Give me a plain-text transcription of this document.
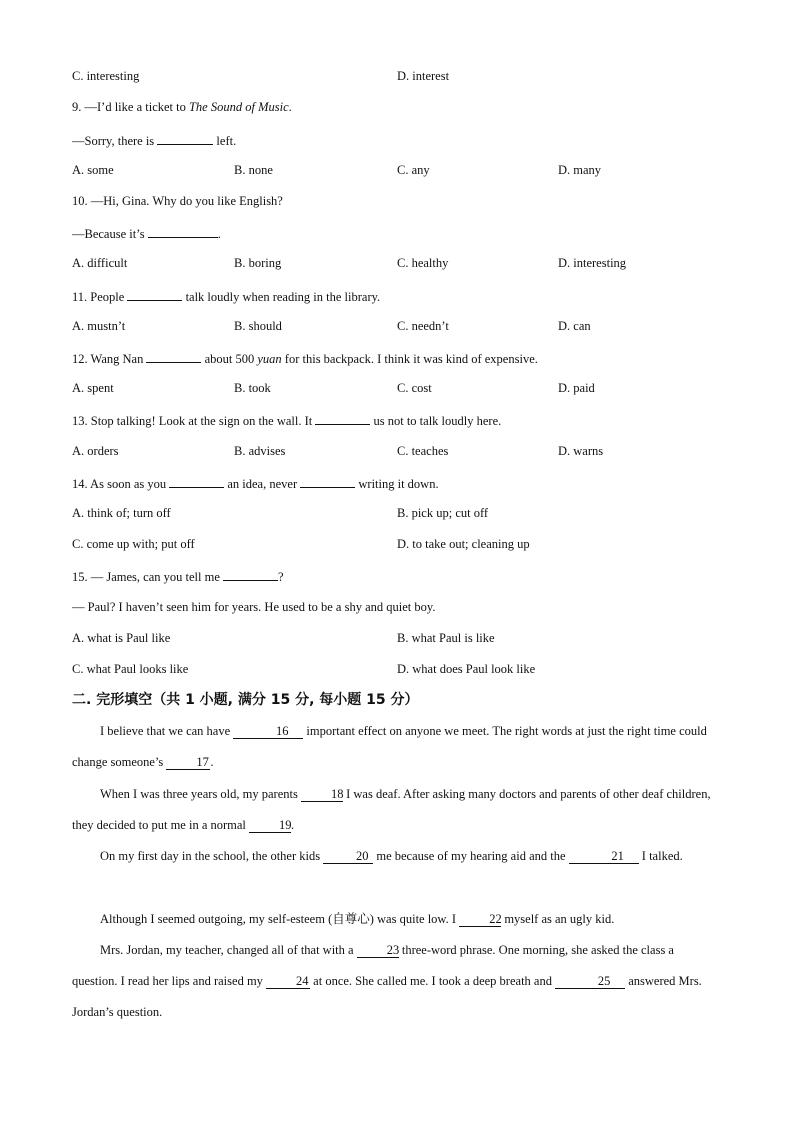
C. interesting	D. interest
9. —I’d like a ticket to The Sound of Music.
—Sorry, there is	left.
A. some	B. none	C. any	D. many
10. —Hi, Gina. Why do you like English?
—Because it’s	.
A. difficult	B. boring	C. healthy	D. interesting
11. People	talk loudly when reading in the library.
A. mustn’t	B. should	C. needn’t	D. can
12. Wang Nan	about 500 yuan for this backpack. I think it was kind of expensive.
A. spent	B. took	C. cost	D. paid
13. Stop talking! Look at the sign on the wall. It	us not to talk loudly here.
A. orders	B. advises	C. teaches	D. warns
14. As soon as you	an idea, never	writing it down.
A. think of; turn off	B. pick up; cut off
C. come up with; put off	D. to take out; cleaning up
15. — James, can you tell me	?
— Paul? I haven’t seen him for years. He used to be a shy and quiet boy.
A. what is Paul like	B. what Paul is like
C. what Paul looks like	D. what does Paul look like
二. 完形填空（共 1 小题, 满分 15 分, 每小题 15 分）
I believe that we can have	16 important effect on anyone we meet. The right words at just the right time could change someone’s 17 .
When I was three years old, my parents 18 I was deaf. After asking many doctors and parents of other deaf children, they decided to put me in a normal 19.
On my first day in the school, the other kids	20 me because of my hearing aid and the	21 I talked.
Although I seemed outgoing, my self-esteem (自尊心) was quite low. I 22 myself as an ugly kid.
Mrs. Jordan, my teacher, changed all of that with a 23 three-word phrase. One morning, she asked the class a question. I read her lips and raised my 24 at once. She called me. I took a deep breath and	25 answered Mrs. Jordan’s question.
